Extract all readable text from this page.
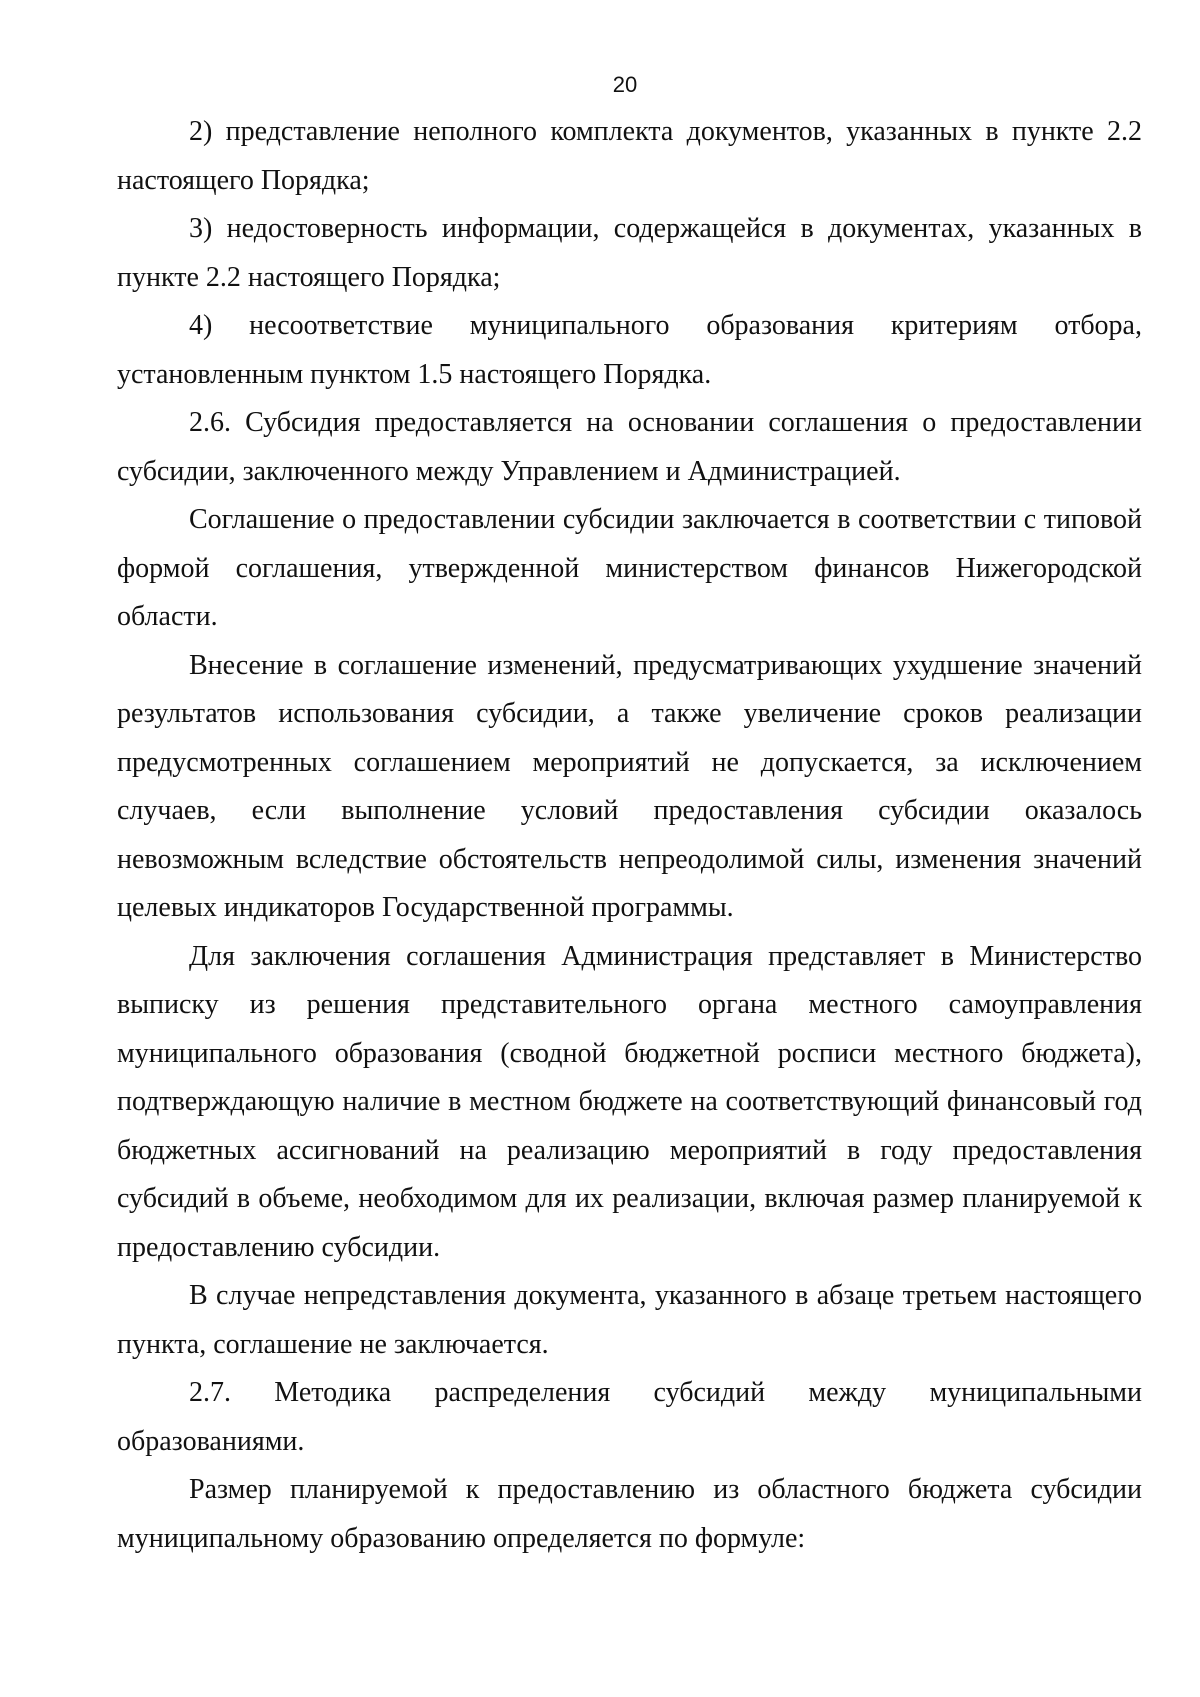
20

2) представление неполного комплекта документов, указанных в пункте 2.2 настоящего Порядка;

3) недостоверность информации, содержащейся в документах, указанных в пункте 2.2 настоящего Порядка;

4) несоответствие муниципального образования критериям отбора, установленным пунктом 1.5 настоящего Порядка.

2.6. Субсидия предоставляется на основании соглашения о предоставлении субсидии, заключенного между Управлением и Администрацией.

Соглашение о предоставлении субсидии заключается в соответствии с типовой формой соглашения, утвержденной министерством финансов Нижегородской области.

Внесение в соглашение изменений, предусматривающих ухудшение значений результатов использования субсидии, а также увеличение сроков реализации предусмотренных соглашением мероприятий не допускается, за исключением случаев, если выполнение условий предоставления субсидии оказалось невозможным вследствие обстоятельств непреодолимой силы, изменения значений целевых индикаторов Государственной программы.

Для заключения соглашения Администрация представляет в Министерство выписку из решения представительного органа местного самоуправления муниципального образования (сводной бюджетной росписи местного бюджета), подтверждающую наличие в местном бюджете на соответствующий финансовый год бюджетных ассигнований на реализацию мероприятий в году предоставления субсидий в объеме, необходимом для их реализации, включая размер планируемой к предоставлению субсидии.

В случае непредставления документа, указанного в абзаце третьем настоящего пункта, соглашение не заключается.

2.7. Методика распределения субсидий между муниципальными образованиями.

Размер планируемой к предоставлению из областного бюджета субсидии муниципальному образованию определяется по формуле:
